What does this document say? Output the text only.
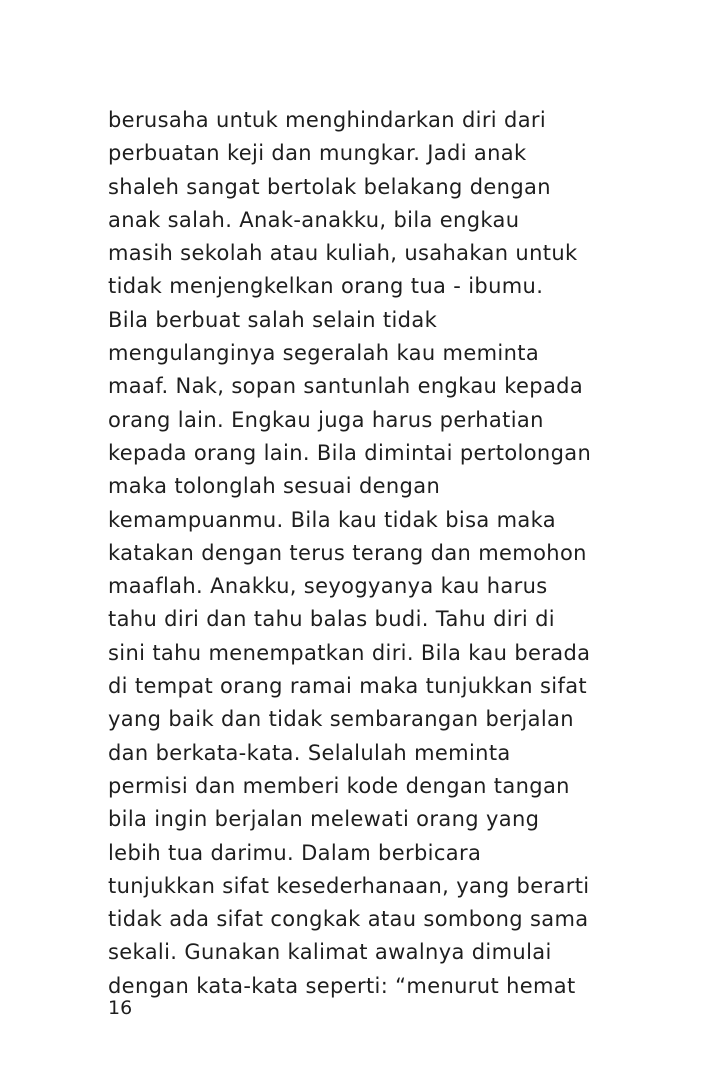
berusaha untuk menghindarkan diri dari
perbuatan keji dan mungkar. Jadi anak
shaleh sangat bertolak belakang dengan
anak salah. Anak-anakku, bila engkau
masih sekolah atau kuliah, usahakan untuk
tidak menjengkelkan orang tua - ibumu.
Bila berbuat salah selain tidak
mengulanginya segeralah kau meminta
maaf. Nak, sopan santunlah engkau kepada
orang lain. Engkau juga harus perhatian
kepada orang lain. Bila dimintai pertolongan
maka tolonglah sesuai dengan
kemampuanmu. Bila kau tidak bisa maka
katakan dengan terus terang dan memohon
maaflah. Anakku, seyogyanya kau harus
tahu diri dan tahu balas budi. Tahu diri di
sini tahu menempatkan diri. Bila kau berada
di tempat orang ramai maka tunjukkan sifat
yang baik dan tidak sembarangan berjalan
dan berkata-kata. Selalulah meminta
permisi dan memberi kode dengan tangan
bila ingin berjalan melewati orang yang
lebih tua darimu. Dalam berbicara
tunjukkan sifat kesederhanaan, yang berarti
tidak ada sifat congkak atau sombong sama
sekali. Gunakan kalimat awalnya dimulai
dengan kata-kata seperti: “menurut hemat
16
